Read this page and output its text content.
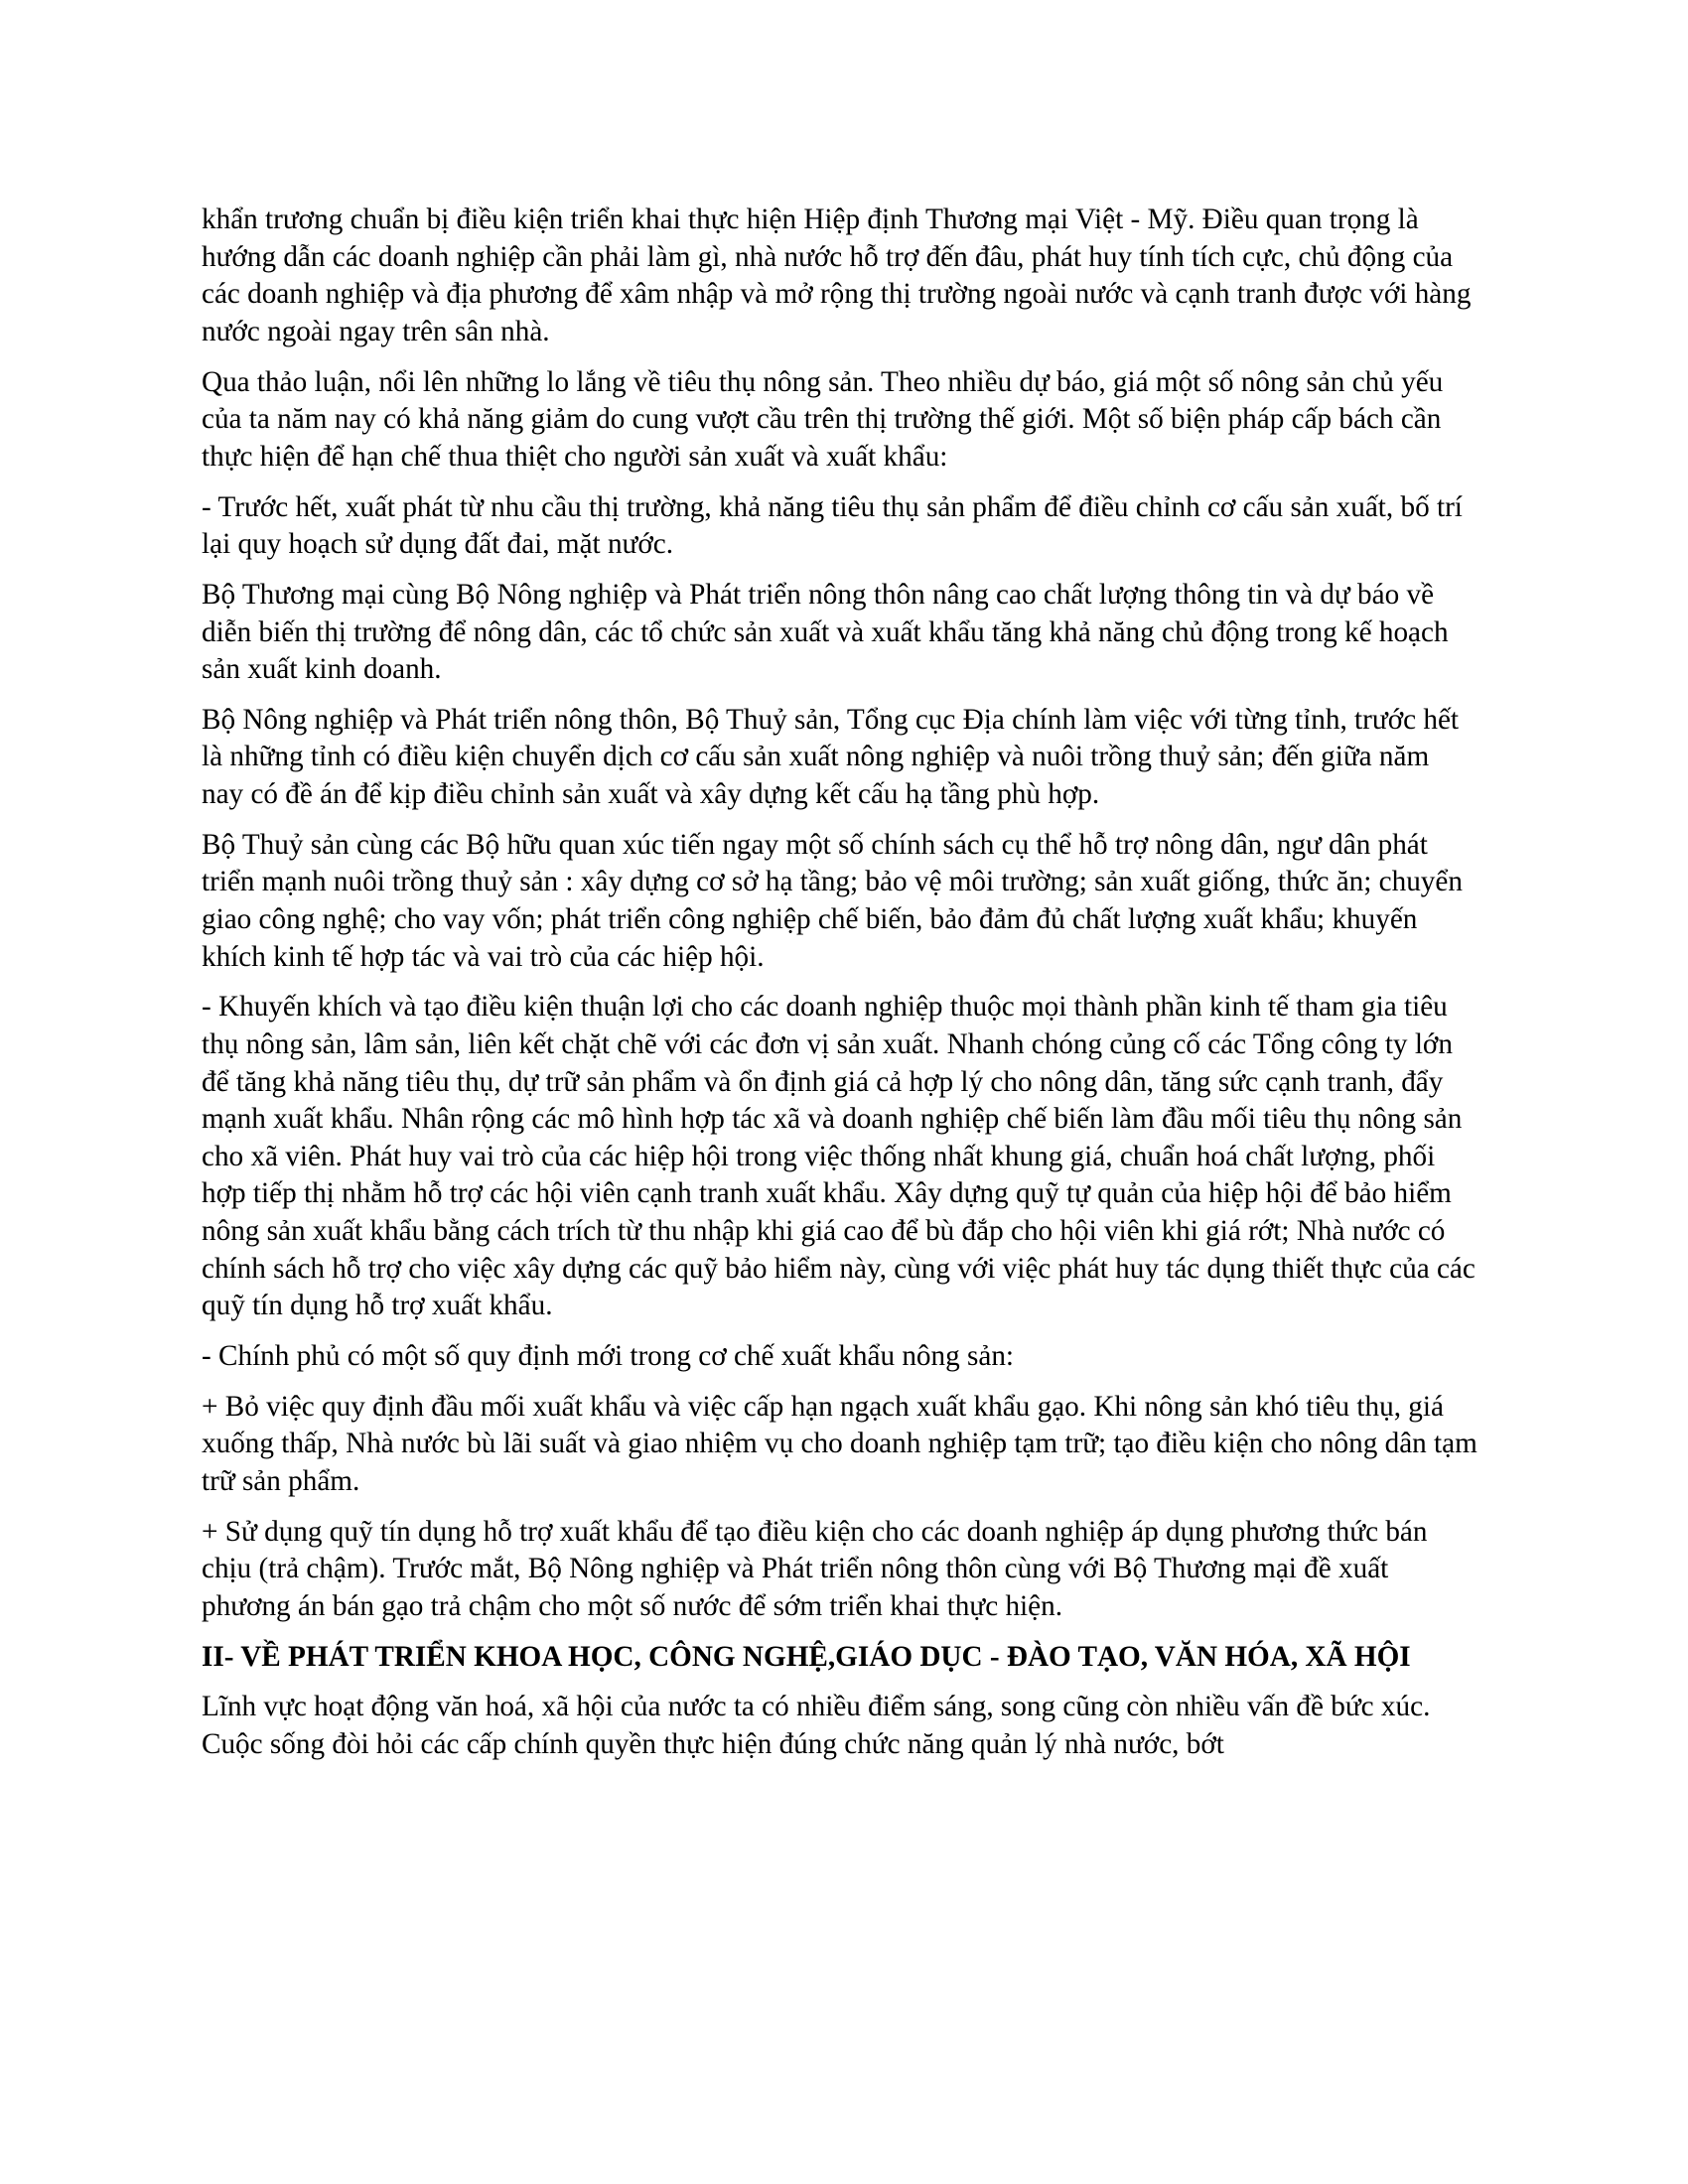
khẩn trương chuẩn bị điều kiện triển khai thực hiện Hiệp định Thương mại Việt - Mỹ. Điều quan trọng là hướng dẫn các doanh nghiệp cần phải làm gì, nhà nước hỗ trợ đến đâu, phát huy tính tích cực, chủ động của các doanh nghiệp và địa phương để xâm nhập và mở rộng thị trường ngoài nước và cạnh tranh được với hàng nước ngoài ngay trên sân nhà.

Qua thảo luận, nổi lên những lo lắng về tiêu thụ nông sản. Theo nhiều dự báo, giá một số nông sản chủ yếu của ta năm nay có khả năng giảm do cung vượt cầu trên thị trường thế giới. Một số biện pháp cấp bách cần thực hiện để hạn chế thua thiệt cho người sản xuất và xuất khẩu:

- Trước hết, xuất phát từ nhu cầu thị trường, khả năng tiêu thụ sản phẩm để điều chỉnh cơ cấu sản xuất, bố trí lại quy hoạch sử dụng đất đai, mặt nước.

Bộ Thương mại cùng Bộ Nông nghiệp và Phát triển nông thôn nâng cao chất lượng thông tin và dự báo về diễn biến thị trường để nông dân, các tổ chức sản xuất và xuất khẩu tăng khả năng chủ động trong kế hoạch sản xuất kinh doanh.

Bộ Nông nghiệp và Phát triển nông thôn, Bộ Thuỷ sản, Tổng cục Địa chính làm việc với từng tỉnh, trước hết là những tỉnh có điều kiện chuyển dịch cơ cấu sản xuất nông nghiệp và nuôi trồng thuỷ sản; đến giữa năm nay có đề án để kịp điều chỉnh sản xuất và xây dựng kết cấu hạ tầng phù hợp.

Bộ Thuỷ sản cùng các Bộ hữu quan xúc tiến ngay một số chính sách cụ thể hỗ trợ nông dân, ngư dân phát triển mạnh nuôi trồng thuỷ sản : xây dựng cơ sở hạ tầng; bảo vệ môi trường; sản xuất giống, thức ăn; chuyển giao công nghệ; cho vay vốn; phát triển công nghiệp chế biến, bảo đảm đủ chất lượng xuất khẩu; khuyến khích kinh tế hợp tác và vai trò của các hiệp hội.

- Khuyến khích và tạo điều kiện thuận lợi cho các doanh nghiệp thuộc mọi thành phần kinh tế tham gia tiêu thụ nông sản, lâm sản, liên kết chặt chẽ với các đơn vị sản xuất. Nhanh chóng củng cố các Tổng công ty lớn để tăng khả năng tiêu thụ, dự trữ sản phẩm và ổn định giá cả hợp lý cho nông dân, tăng sức cạnh tranh, đẩy mạnh xuất khẩu. Nhân rộng các mô hình hợp tác xã và doanh nghiệp chế biến làm đầu mối tiêu thụ nông sản cho xã viên. Phát huy vai trò của các hiệp hội trong việc thống nhất khung giá, chuẩn hoá chất lượng, phối hợp tiếp thị nhằm hỗ trợ các hội viên cạnh tranh xuất khẩu. Xây dựng quỹ tự quản của hiệp hội để bảo hiểm nông sản xuất khẩu bằng cách trích từ thu nhập khi giá cao để bù đắp cho hội viên khi giá rớt; Nhà nước có chính sách hỗ trợ cho việc xây dựng các quỹ bảo hiểm này, cùng với việc phát huy tác dụng thiết thực của các quỹ tín dụng hỗ trợ xuất khẩu.

- Chính phủ có một số quy định mới trong cơ chế xuất khẩu nông sản:

+ Bỏ việc quy định đầu mối xuất khẩu và việc cấp hạn ngạch xuất khẩu gạo. Khi nông sản khó tiêu thụ, giá xuống thấp, Nhà nước bù lãi suất và giao nhiệm vụ cho doanh nghiệp tạm trữ; tạo điều kiện cho nông dân tạm trữ sản phẩm.

+ Sử dụng quỹ tín dụng hỗ trợ xuất khẩu để tạo điều kiện cho các doanh nghiệp áp dụng phương thức bán chịu (trả chậm). Trước mắt, Bộ Nông nghiệp và Phát triển nông thôn cùng với Bộ Thương mại đề xuất phương án bán gạo trả chậm cho một số nước để sớm triển khai thực hiện.

II- VỀ PHÁT TRIỂN KHOA HỌC, CÔNG NGHỆ,GIÁO DỤC - ĐÀO TẠO, VĂN HÓA, XÃ HỘI

Lĩnh vực hoạt động văn hoá, xã hội của nước ta có nhiều điểm sáng, song cũng còn nhiều vấn đề bức xúc. Cuộc sống đòi hỏi các cấp chính quyền thực hiện đúng chức năng quản lý nhà nước, bớt
